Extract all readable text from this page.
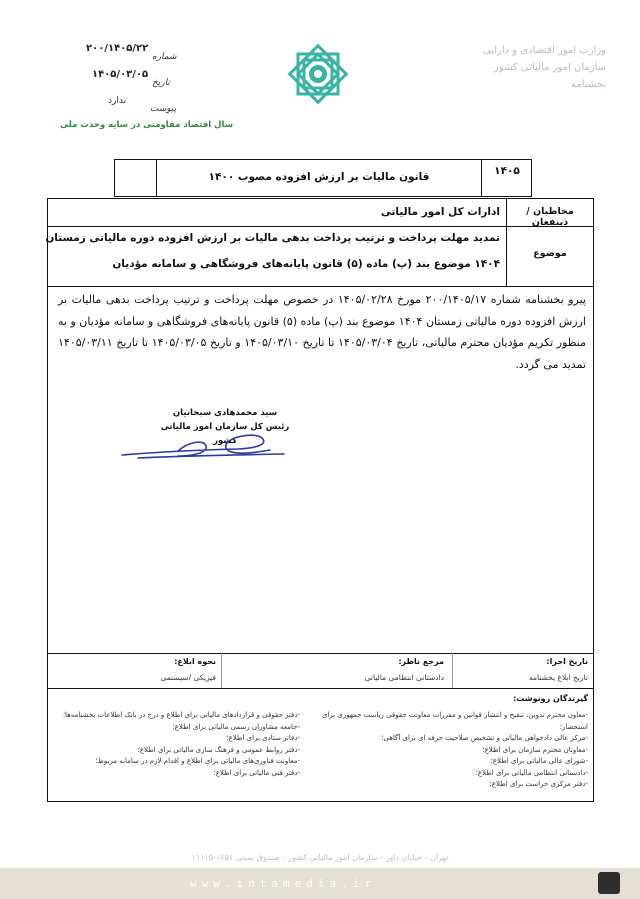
شماره
۲۰۰/۱۴۰۵/۲۲
تاریخ
۱۴۰۵/۰۳/۰۵
پیوست
ندارد
سال اقتصاد مقاومتی در سایه وحدت ملی
وزارت امور اقتصادی و دارایی
سازمان امور مالیاتی کشور
بخشنامه
۱۴۰۵
قانون مالیات بر ارزش افزوده مصوب ۱۴۰۰
مخاطبان / ذینفعان
ادارات کل امور مالیاتی
موضوع
تمدید مهلت پرداخت و ترتیب پرداخت بدهی مالیات بر ارزش افزوده دوره مالیاتی زمستان
۱۴۰۴ موضوع بند (پ) ماده (۵) قانون پایانه‌های فروشگاهی و سامانه مؤدیان
پیرو بخشنامه شماره ۲۰۰/۱۴۰۵/۱۷ مورخ ۱۴۰۵/۰۲/۲۸ در خصوص مهلت پرداخت و ترتیب پرداخت بدهی مالیات بر ارزش افزوده دوره مالیاتی زمستان ۱۴۰۴ موضوع بند (پ) ماده (۵) قانون پایانه‌های فروشگاهی و سامانه مؤدیان و به منظور تکریم مؤدیان محترم مالیاتی، تاریخ ۱۴۰۵/۰۳/۰۴ تا تاریخ ۱۴۰۵/۰۳/۱۰ و تاریخ ۱۴۰۵/۰۳/۰۵ تا تاریخ ۱۴۰۵/۰۳/۱۱ تمدید می گردد.
سید محمدهادی سبحانیان
رئیس کل سازمان امور مالیاتی کشور
تاریخ اجرا:
تاریخ ابلاغ بخشنامه
مرجع ناظر:
دادستانی انتظامی مالیاتی
نحوه ابلاغ:
فیزیکی /سیستمی
گیرندگان رونوشت:
-معاون محترم تدوین، تنقیح و انتشار قوانین و مقررات معاونت حقوقی ریاست جمهوری برای استحضار؛
-مرکز عالی دادخواهی مالیاتی و تشخیص صلاحیت حرفه ای برای آگاهی؛
-معاونان محترم سازمان برای اطلاع؛
-شورای عالی مالیاتی برای اطلاع؛
-دادستانی انتظامی مالیاتی برای اطلاع؛
-دفتر مرکزی حراست برای اطلاع؛
-دفتر حقوقی و قراردادهای مالیاتی برای اطلاع و درج در بانک اطلاعات بخشنامه‌ها؛
-جامعه مشاوران رسمی مالیاتی برای اطلاع؛
-دفاتر ستادی برای اطلاع؛
-دفتر روابط عمومی و فرهنگ سازی مالیاتی برای اطلاع؛
-معاونت فناوری‌های مالیاتی برای اطلاع و اقدام لازم در سامانه مربوط؛
-دفتر فنی مالیاتی برای اطلاع؛
تهران - خیابان داور - سازمان امور مالیاتی کشور - صندوق پستی ۱۶۵۱-۱۱۱۱۵
www.intamedia.ir
